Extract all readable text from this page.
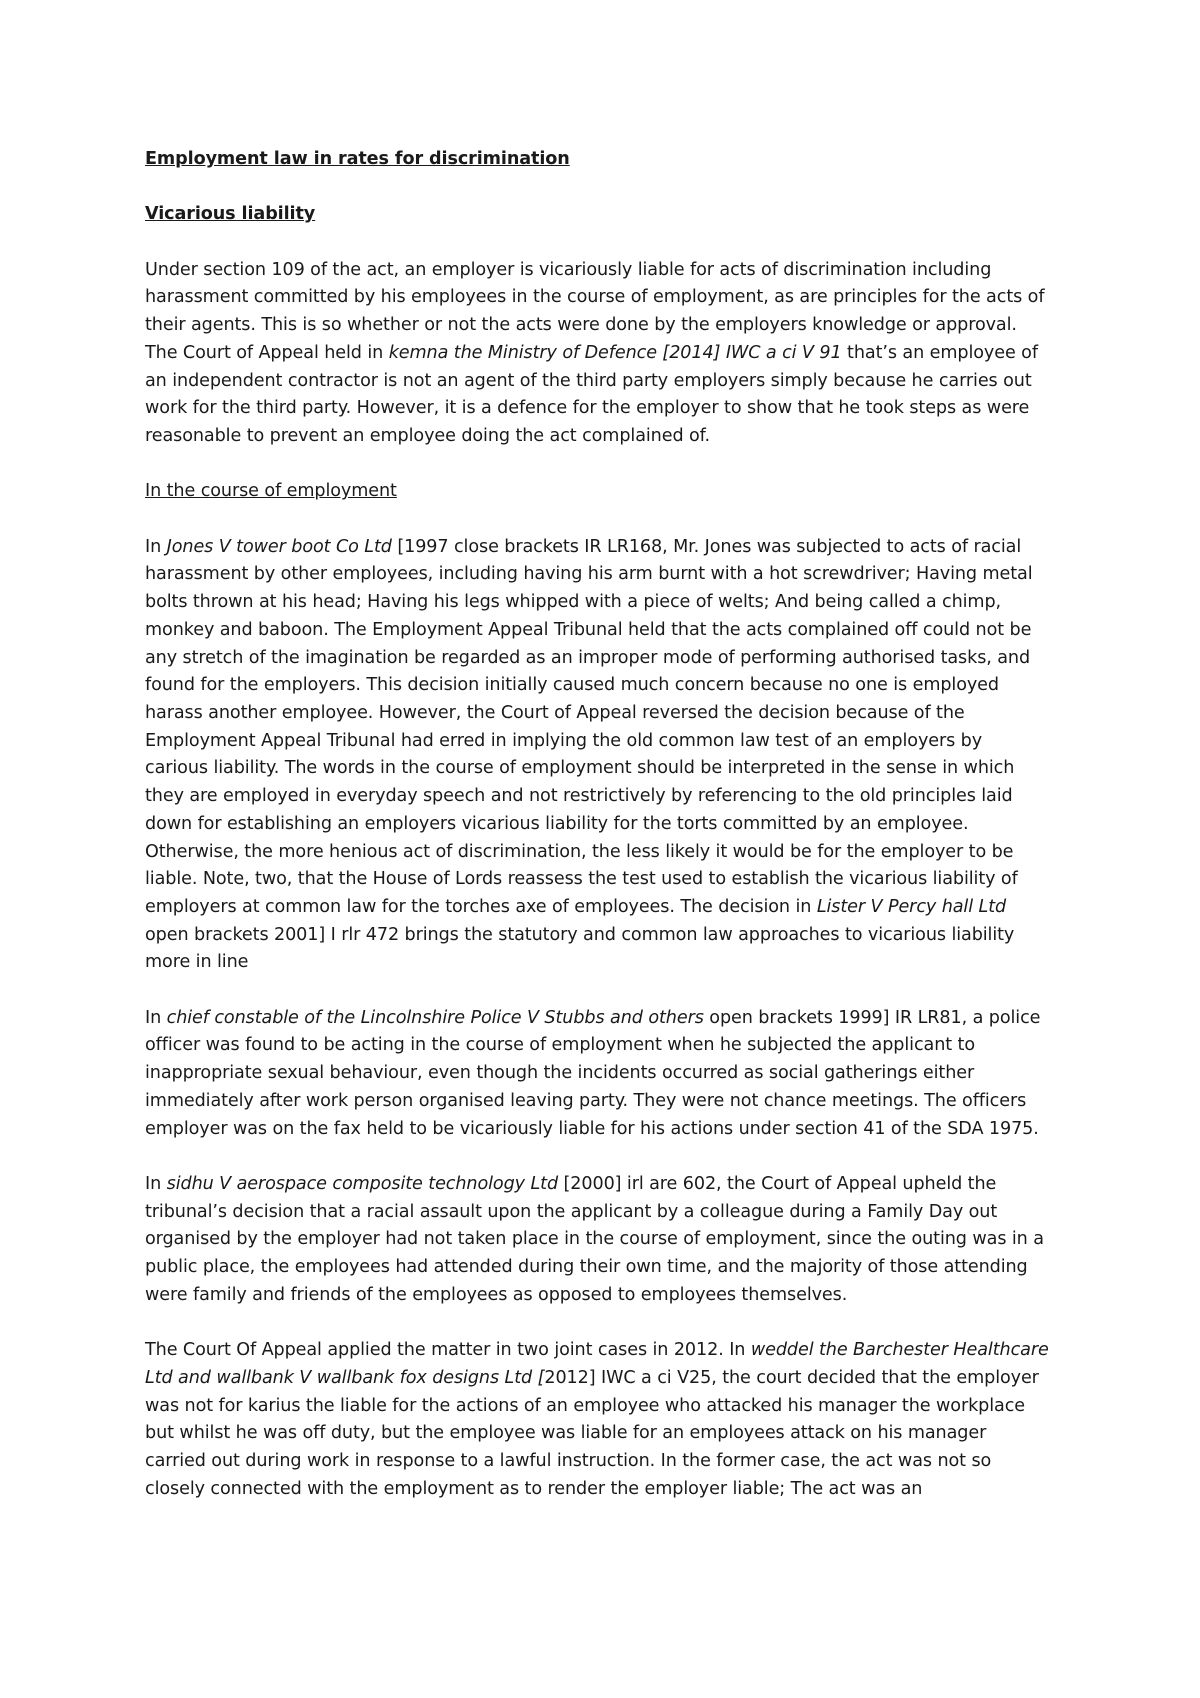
Employment law in rates for discrimination

Vicarious liability

Under section 109 of the act, an employer is vicariously liable for acts of discrimination including harassment committed by his employees in the course of employment, as are principles for the acts of their agents. This is so whether or not the acts were done by the employers knowledge or approval. The Court of Appeal held in kemna the Ministry of Defence [2014] IWC a ci V 91 that’s an employee of an independent contractor is not an agent of the third party employers simply because he carries out work for the third party. However, it is a defence for the employer to show that he took steps as were reasonable to prevent an employee doing the act complained of.

In the course of employment

In Jones V tower boot Co Ltd [1997 close brackets IR LR168, Mr. Jones was subjected to acts of racial harassment by other employees, including having his arm burnt with a hot screwdriver; Having metal bolts thrown at his head; Having his legs whipped with a piece of welts; And being called a chimp, monkey and baboon. The Employment Appeal Tribunal held that the acts complained off could not be any stretch of the imagination be regarded as an improper mode of performing authorised tasks, and found for the employers. This decision initially caused much concern because no one is employed harass another employee. However, the Court of Appeal reversed the decision because of the Employment Appeal Tribunal had erred in implying the old common law test of an employers by carious liability. The words in the course of employment should be interpreted in the sense in which they are employed in everyday speech and not restrictively by referencing to the old principles laid down for establishing an employers vicarious liability for the torts committed by an employee. Otherwise, the more henious act of discrimination, the less likely it would be for the employer to be liable. Note, two, that the House of Lords reassess the test used to establish the vicarious liability of employers at common law for the torches axe of employees. The decision in Lister V Percy hall Ltd open brackets 2001] I rlr 472 brings the statutory and common law approaches to vicarious liability more in line

In chief constable of the Lincolnshire Police V Stubbs and others open brackets 1999] IR LR81, a police officer was found to be acting in the course of employment when he subjected the applicant to inappropriate sexual behaviour, even though the incidents occurred as social gatherings either immediately after work person organised leaving party. They were not chance meetings. The officers employer was on the fax held to be vicariously liable for his actions under section 41 of the SDA 1975.

In sidhu V aerospace composite technology Ltd [2000] irl are 602, the Court of Appeal upheld the tribunal’s decision that a racial assault upon the applicant by a colleague during a Family Day out organised by the employer had not taken place in the course of employment, since the outing was in a public place, the employees had attended during their own time, and the majority of those attending were family and friends of the employees as opposed to employees themselves.

The Court Of Appeal applied the matter in two joint cases in 2012. In weddel the Barchester Healthcare Ltd and wallbank V wallbank fox designs Ltd [2012] IWC a ci V25, the court decided that the employer was not for karius the liable for the actions of an employee who attacked his manager the workplace but whilst he was off duty, but the employee was liable for an employees attack on his manager carried out during work in response to a lawful instruction. In the former case, the act was not so closely connected with the employment as to render the employer liable; The act was an
